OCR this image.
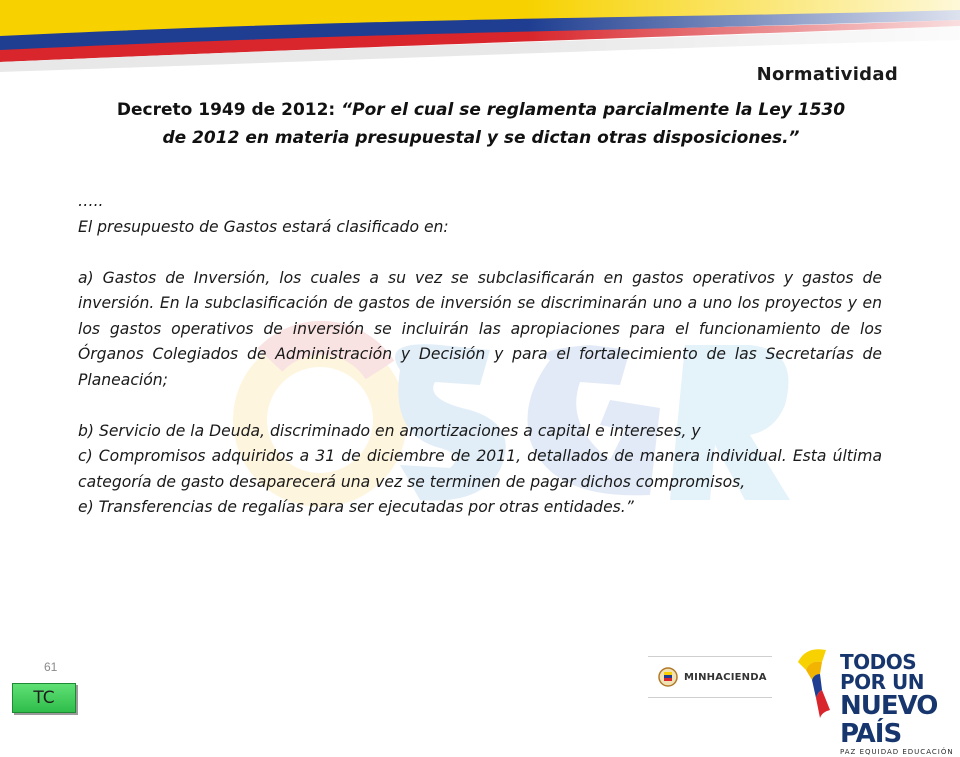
Normatividad
Decreto 1949 de 2012: “Por el cual se reglamenta parcialmente la Ley 1530
de 2012 en materia presupuestal y se dictan otras disposiciones.”

…..

El presupuesto de Gastos estará clasificado en:

a) Gastos de Inversión, los cuales a su vez se subclasificarán en gastos operativos y gastos de inversión. En la subclasificación de gastos de inversión se discriminarán uno a uno los proyectos y en los gastos operativos de inversión se incluirán las apropiaciones para el funcionamiento de los Órganos Colegiados de Administración y Decisión y para el fortalecimiento de las Secretarías de Planeación;

b) Servicio de la Deuda, discriminado en amortizaciones a capital e intereses, y

c) Compromisos adquiridos a 31 de diciembre de 2011, detallados de manera individual. Esta última categoría de gasto desaparecerá una vez se terminen de pagar dichos compromisos,

e) Transferencias de regalías para ser ejecutadas por otras entidades.”

61
TC
MINHACIENDA
TODOS POR UN
NUEVO PAÍS
PAZ EQUIDAD EDUCACIÓN
